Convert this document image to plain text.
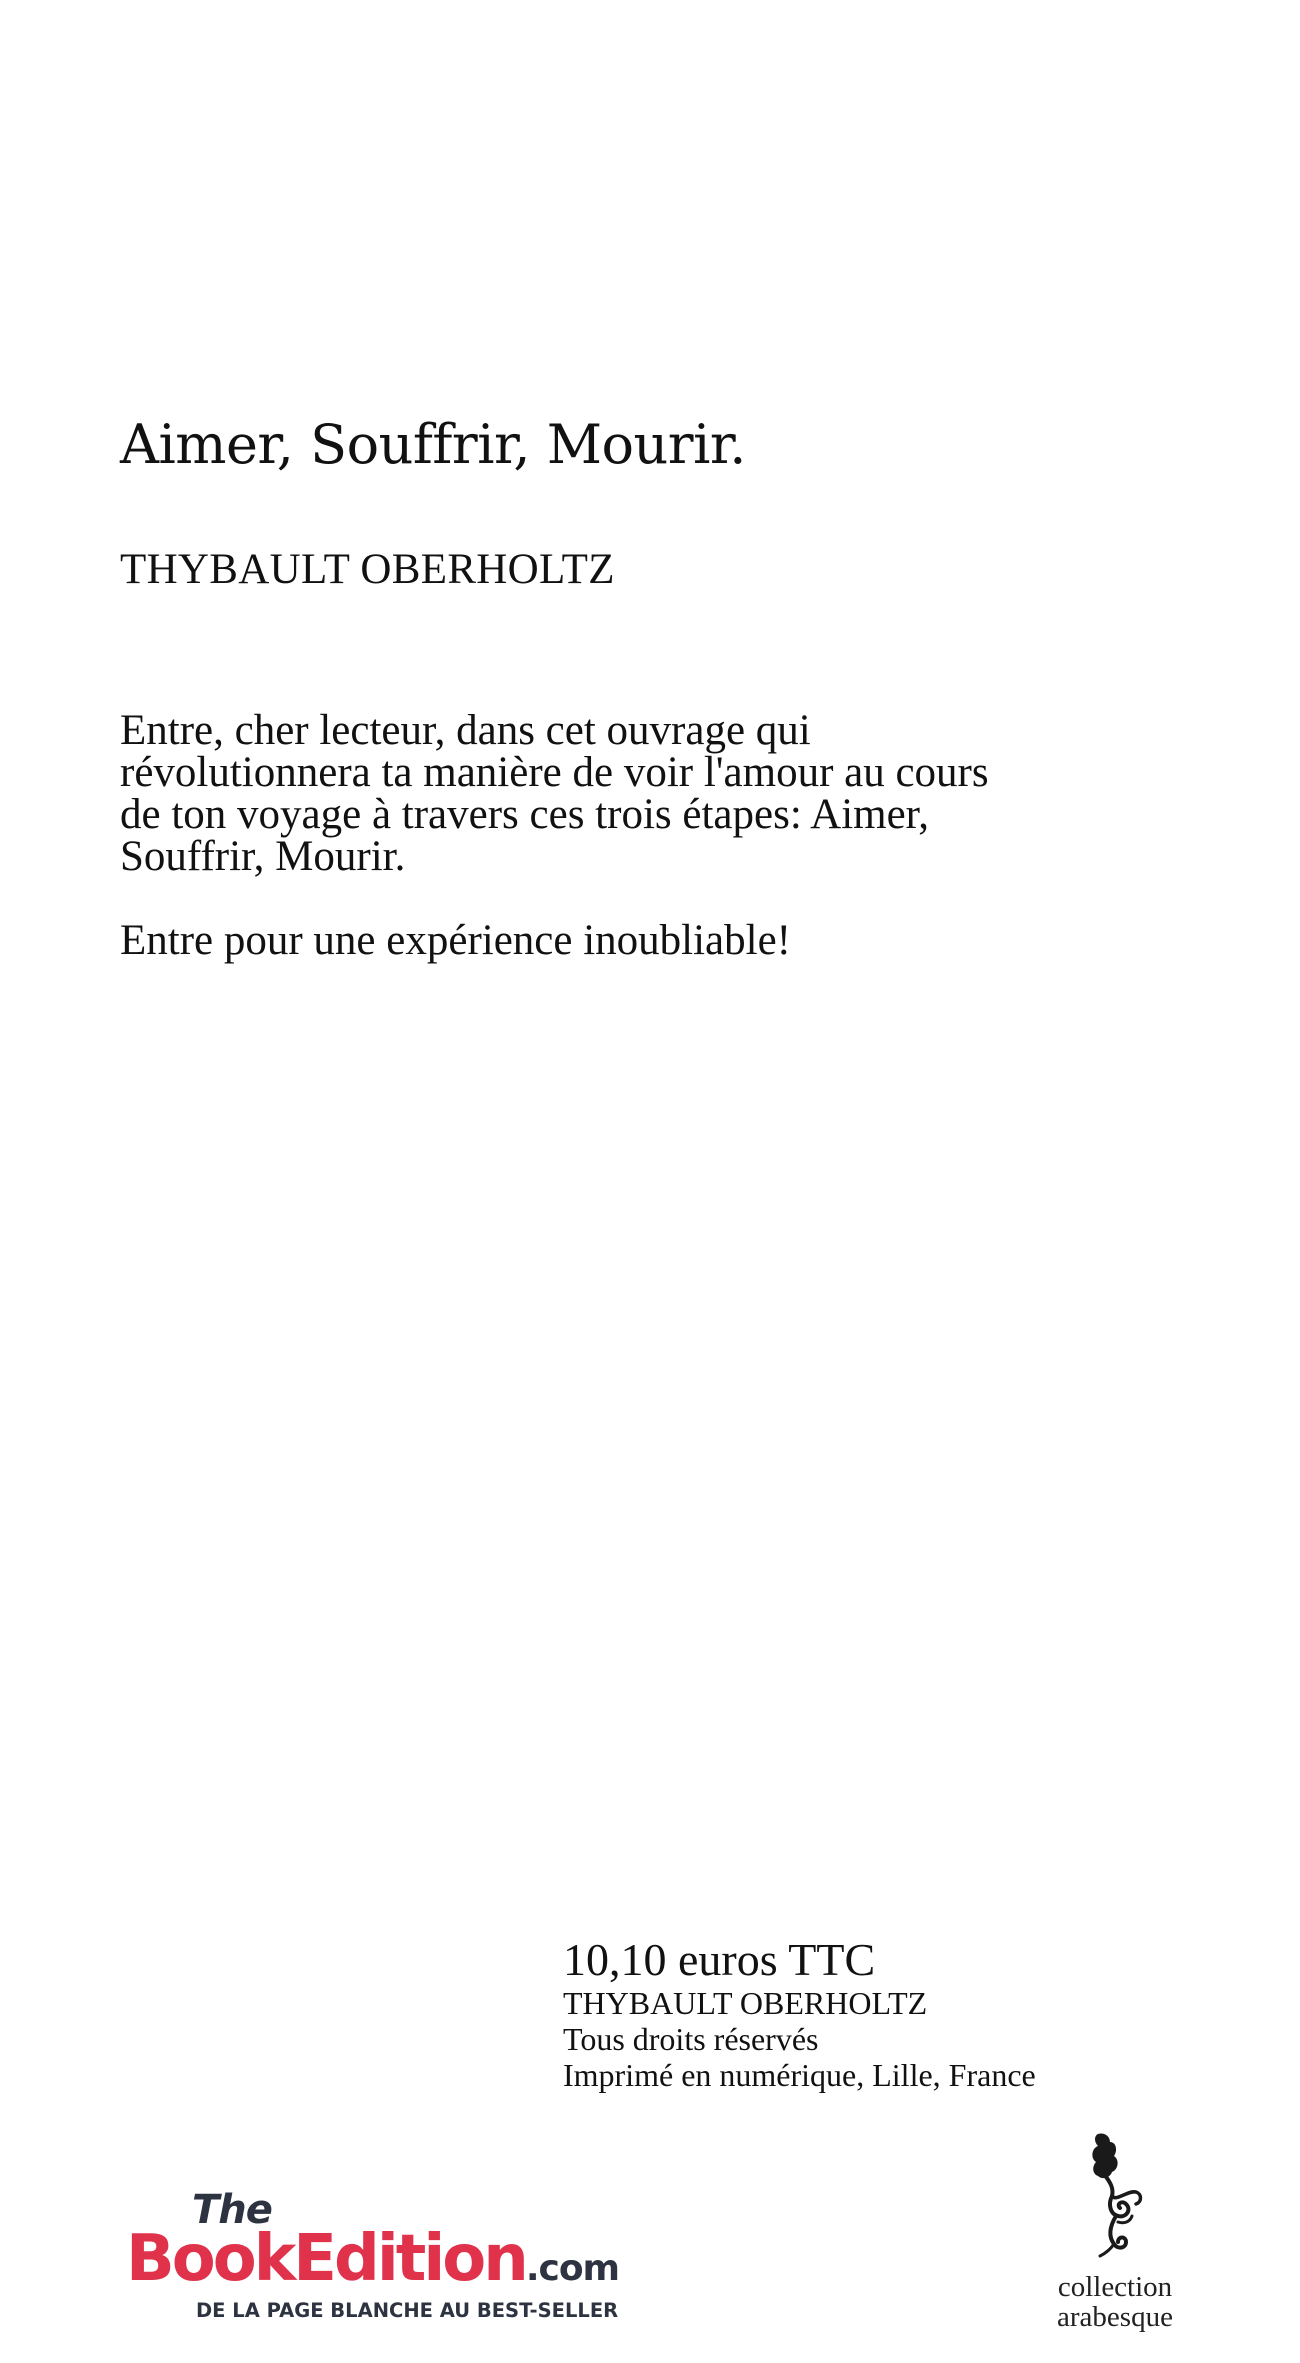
Aimer, Souffrir, Mourir.
THYBAULT OBERHOLTZ

Entre, cher lecteur, dans cet ouvrage qui révolutionnera ta manière de voir l'amour au cours de ton voyage à travers ces trois étapes: Aimer, Souffrir, Mourir.

Entre pour une expérience inoubliable!

10,10 euros TTC
THYBAULT OBERHOLTZ
Tous droits réservés
Imprimé en numérique, Lille, France
The
BookEdition.com
DE LA PAGE BLANCHE AU BEST-SELLER
collection
arabesque
